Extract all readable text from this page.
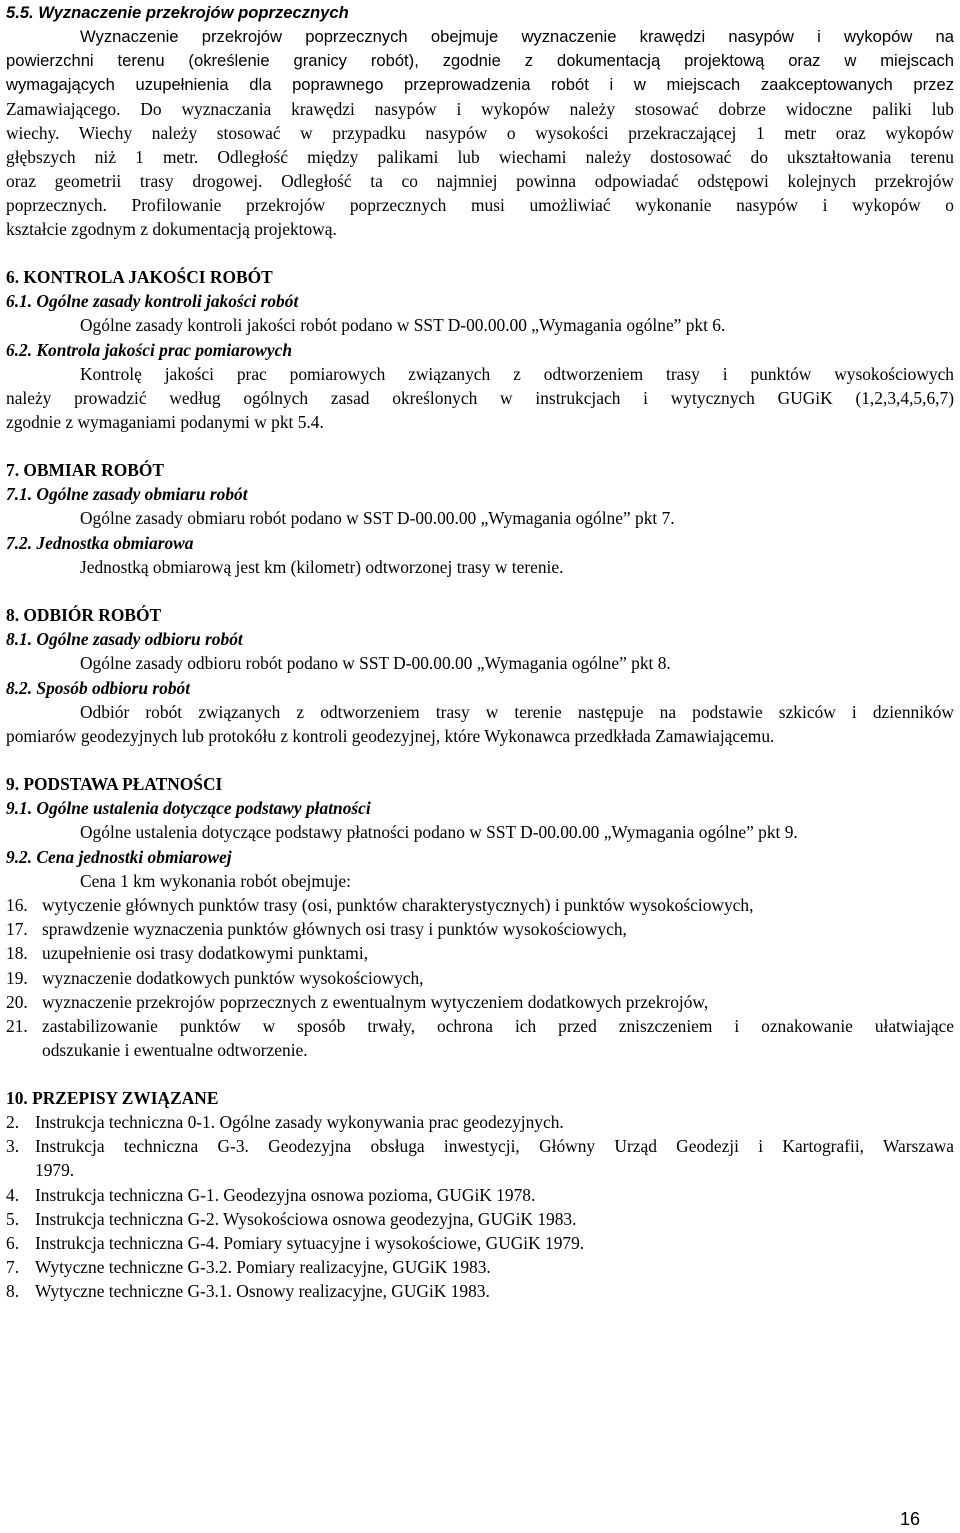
5.5. Wyznaczenie przekrojów poprzecznych
Wyznaczenie przekrojów poprzecznych obejmuje wyznaczenie krawędzi nasypów i wykopów na
powierzchni terenu (określenie granicy robót), zgodnie z dokumentacją projektową oraz w miejscach
wymagających uzupełnienia dla poprawnego przeprowadzenia robót i w miejscach zaakceptowanych przez
Zamawiającego. Do wyznaczania krawędzi nasypów i wykopów należy stosować dobrze widoczne paliki lub
wiechy. Wiechy należy stosować w przypadku nasypów o wysokości przekraczającej 1 metr oraz wykopów
głębszych niż 1 metr. Odległość między palikami lub wiechami należy dostosować do ukształtowania terenu
oraz geometrii trasy drogowej. Odległość ta co najmniej powinna odpowiadać odstępowi kolejnych przekrojów
poprzecznych. Profilowanie przekrojów poprzecznych musi umożliwiać wykonanie nasypów i wykopów o
kształcie zgodnym z dokumentacją projektową.
6. KONTROLA JAKOŚCI ROBÓT
6.1. Ogólne zasady kontroli jakości robót
Ogólne zasady kontroli jakości robót podano w SST D-00.00.00 „Wymagania ogólne” pkt 6.
6.2. Kontrola jakości prac pomiarowych
Kontrolę jakości prac pomiarowych związanych z odtworzeniem trasy i punktów wysokościowych
należy prowadzić według ogólnych zasad określonych w instrukcjach i wytycznych GUGiK (1,2,3,4,5,6,7)
zgodnie z wymaganiami podanymi w pkt 5.4.
7. OBMIAR ROBÓT
7.1. Ogólne zasady obmiaru robót
Ogólne zasady obmiaru robót podano w SST D-00.00.00 „Wymagania ogólne” pkt 7.
7.2. Jednostka obmiarowa
Jednostką obmiarową jest km (kilometr) odtworzonej trasy w terenie.
8. ODBIÓR ROBÓT
8.1. Ogólne zasady odbioru robót
Ogólne zasady odbioru robót podano w SST D-00.00.00 „Wymagania ogólne” pkt 8.
8.2. Sposób odbioru robót
Odbiór robót związanych z odtworzeniem trasy w terenie następuje na podstawie szkiców i dzienników
pomiarów geodezyjnych lub protokółu z kontroli geodezyjnej, które Wykonawca przedkłada Zamawiającemu.
9. PODSTAWA PŁATNOŚCI
9.1. Ogólne ustalenia dotyczące podstawy płatności
Ogólne ustalenia dotyczące podstawy płatności podano w SST D-00.00.00 „Wymagania ogólne” pkt 9.
9.2. Cena jednostki obmiarowej
Cena 1 km wykonania robót obejmuje:
16. wytyczenie głównych punktów trasy (osi, punktów charakterystycznych) i punktów wysokościowych,
17. sprawdzenie wyznaczenia punktów głównych osi trasy i punktów wysokościowych,
18. uzupełnienie osi trasy dodatkowymi punktami,
19. wyznaczenie dodatkowych punktów wysokościowych,
20. wyznaczenie przekrojów poprzecznych z ewentualnym wytyczeniem dodatkowych przekrojów,
21. zastabilizowanie punktów w sposób trwały, ochrona ich przed zniszczeniem i oznakowanie ułatwiające
odszukanie i ewentualne odtworzenie.
10. PRZEPISY ZWIĄZANE
2. Instrukcja techniczna 0-1. Ogólne zasady wykonywania prac geodezyjnych.
3. Instrukcja techniczna G-3. Geodezyjna obsługa inwestycji, Główny Urząd Geodezji i Kartografii, Warszawa
1979.
4. Instrukcja techniczna G-1. Geodezyjna osnowa pozioma, GUGiK 1978.
5. Instrukcja techniczna G-2. Wysokościowa osnowa geodezyjna, GUGiK 1983.
6. Instrukcja techniczna G-4. Pomiary sytuacyjne i wysokościowe, GUGiK 1979.
7. Wytyczne techniczne G-3.2. Pomiary realizacyjne, GUGiK 1983.
8. Wytyczne techniczne G-3.1. Osnowy realizacyjne, GUGiK 1983.
16
